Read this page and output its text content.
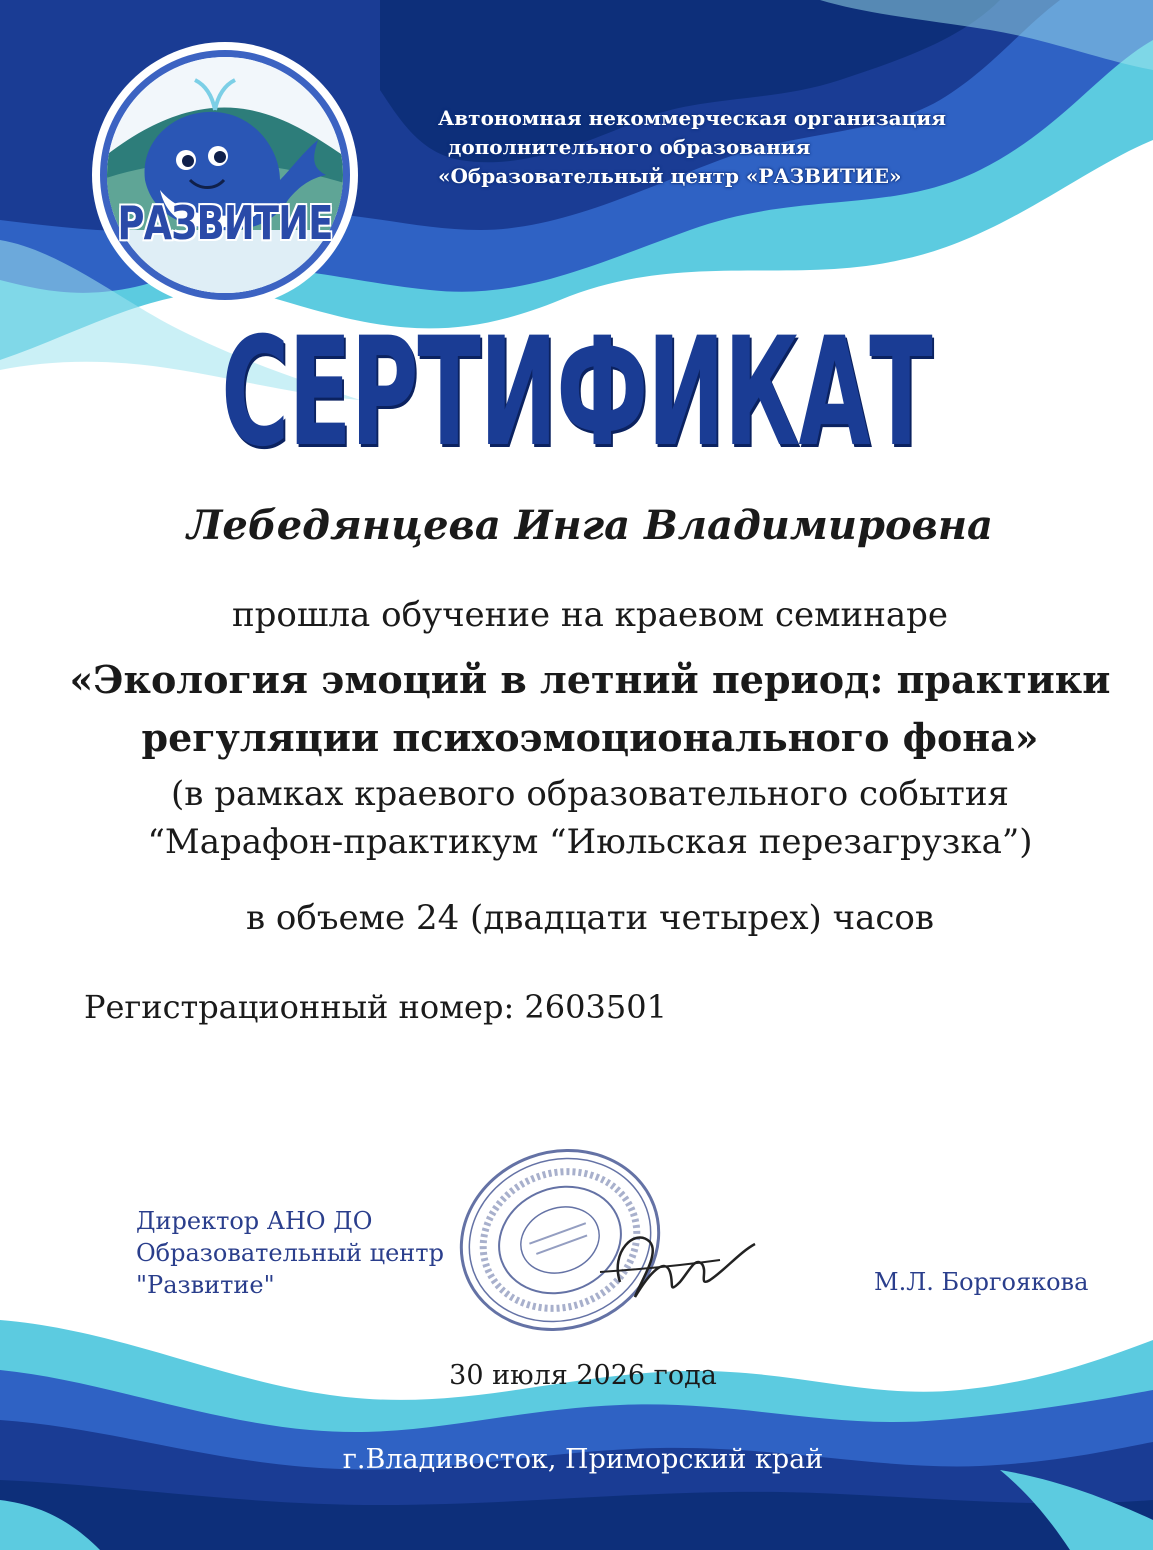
РАЗВИТИЕ
Автономная некоммерческая организация
дополнительного образования
«Образовательный центр «РАЗВИТИЕ»
СЕРТИФИКАТ
Лебедянцева Инга Владимировна
прошла обучение на краевом семинаре
«Экология эмоций в летний период: практики
регуляции психоэмоционального фона»
(в рамках краевого образовательного события
“Марафон-практикум “Июльская перезагрузка”)
в объеме 24 (двадцати четырех) часов
Регистрационный номер: 2603501
Директор АНО ДО
Образовательный центр
"Развитие"	М.Л. Боргоякова
30 июля 2026 года
г.Владивосток, Приморский край
